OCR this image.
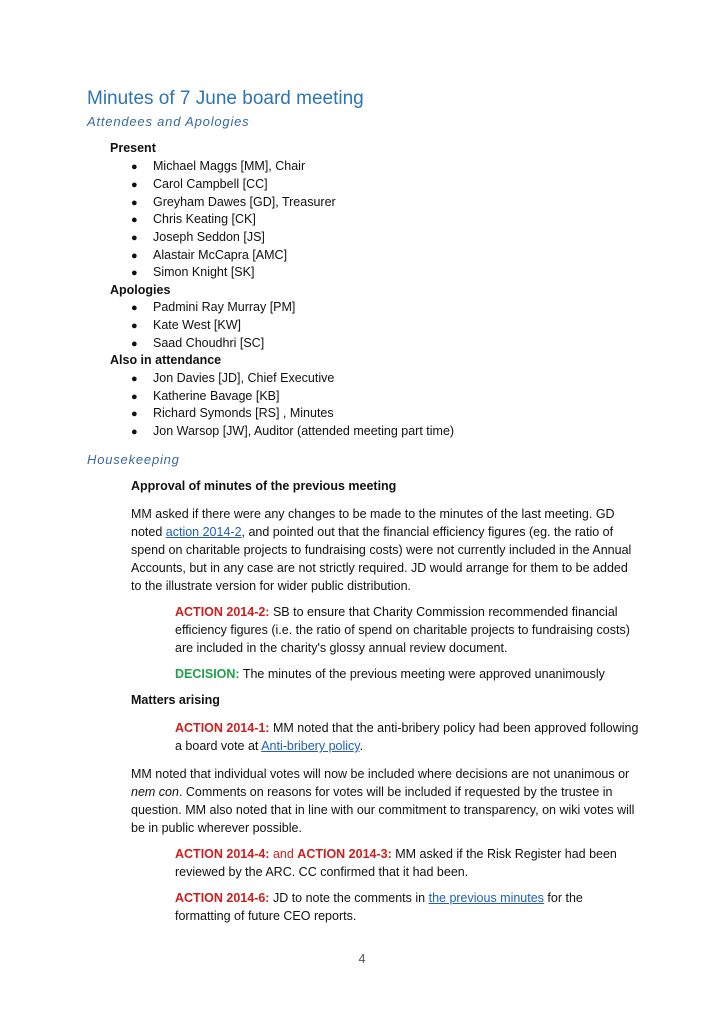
Minutes of 7 June board meeting
Attendees and Apologies
Present
● Michael Maggs [MM], Chair
● Carol Campbell [CC]
● Greyham Dawes [GD], Treasurer
● Chris Keating [CK]
● Joseph Seddon [JS]
● Alastair McCapra [AMC]
● Simon Knight [SK]
Apologies
● Padmini Ray Murray [PM]
● Kate West [KW]
● Saad Choudhri [SC]
Also in attendance
● Jon Davies [JD], Chief Executive
● Katherine Bavage [KB]
● Richard Symonds [RS] , Minutes
● Jon Warsop [JW], Auditor (attended meeting part time)
Housekeeping
Approval of minutes of the previous meeting
MM asked if there were any changes to be made to the minutes of the last meeting. GD noted action 2014-2, and pointed out that the financial efficiency figures (eg. the ratio of spend on charitable projects to fundraising costs) were not currently included in the Annual Accounts, but in any case are not strictly required. JD would arrange for them to be added to the illustrate version for wider public distribution.
ACTION 2014-2: SB to ensure that Charity Commission recommended financial efficiency figures (i.e. the ratio of spend on charitable projects to fundraising costs) are included in the charity's glossy annual review document.
DECISION: The minutes of the previous meeting were approved unanimously
Matters arising
ACTION 2014-1: MM noted that the anti-bribery policy had been approved following a board vote at Anti-bribery policy.
MM noted that individual votes will now be included where decisions are not unanimous or nem con. Comments on reasons for votes will be included if requested by the trustee in question. MM also noted that in line with our commitment to transparency, on wiki votes will be in public wherever possible.
ACTION 2014-4: and ACTION 2014-3: MM asked if the Risk Register had been reviewed by the ARC. CC confirmed that it had been.
ACTION 2014-6: JD to note the comments in the previous minutes for the formatting of future CEO reports.
4
